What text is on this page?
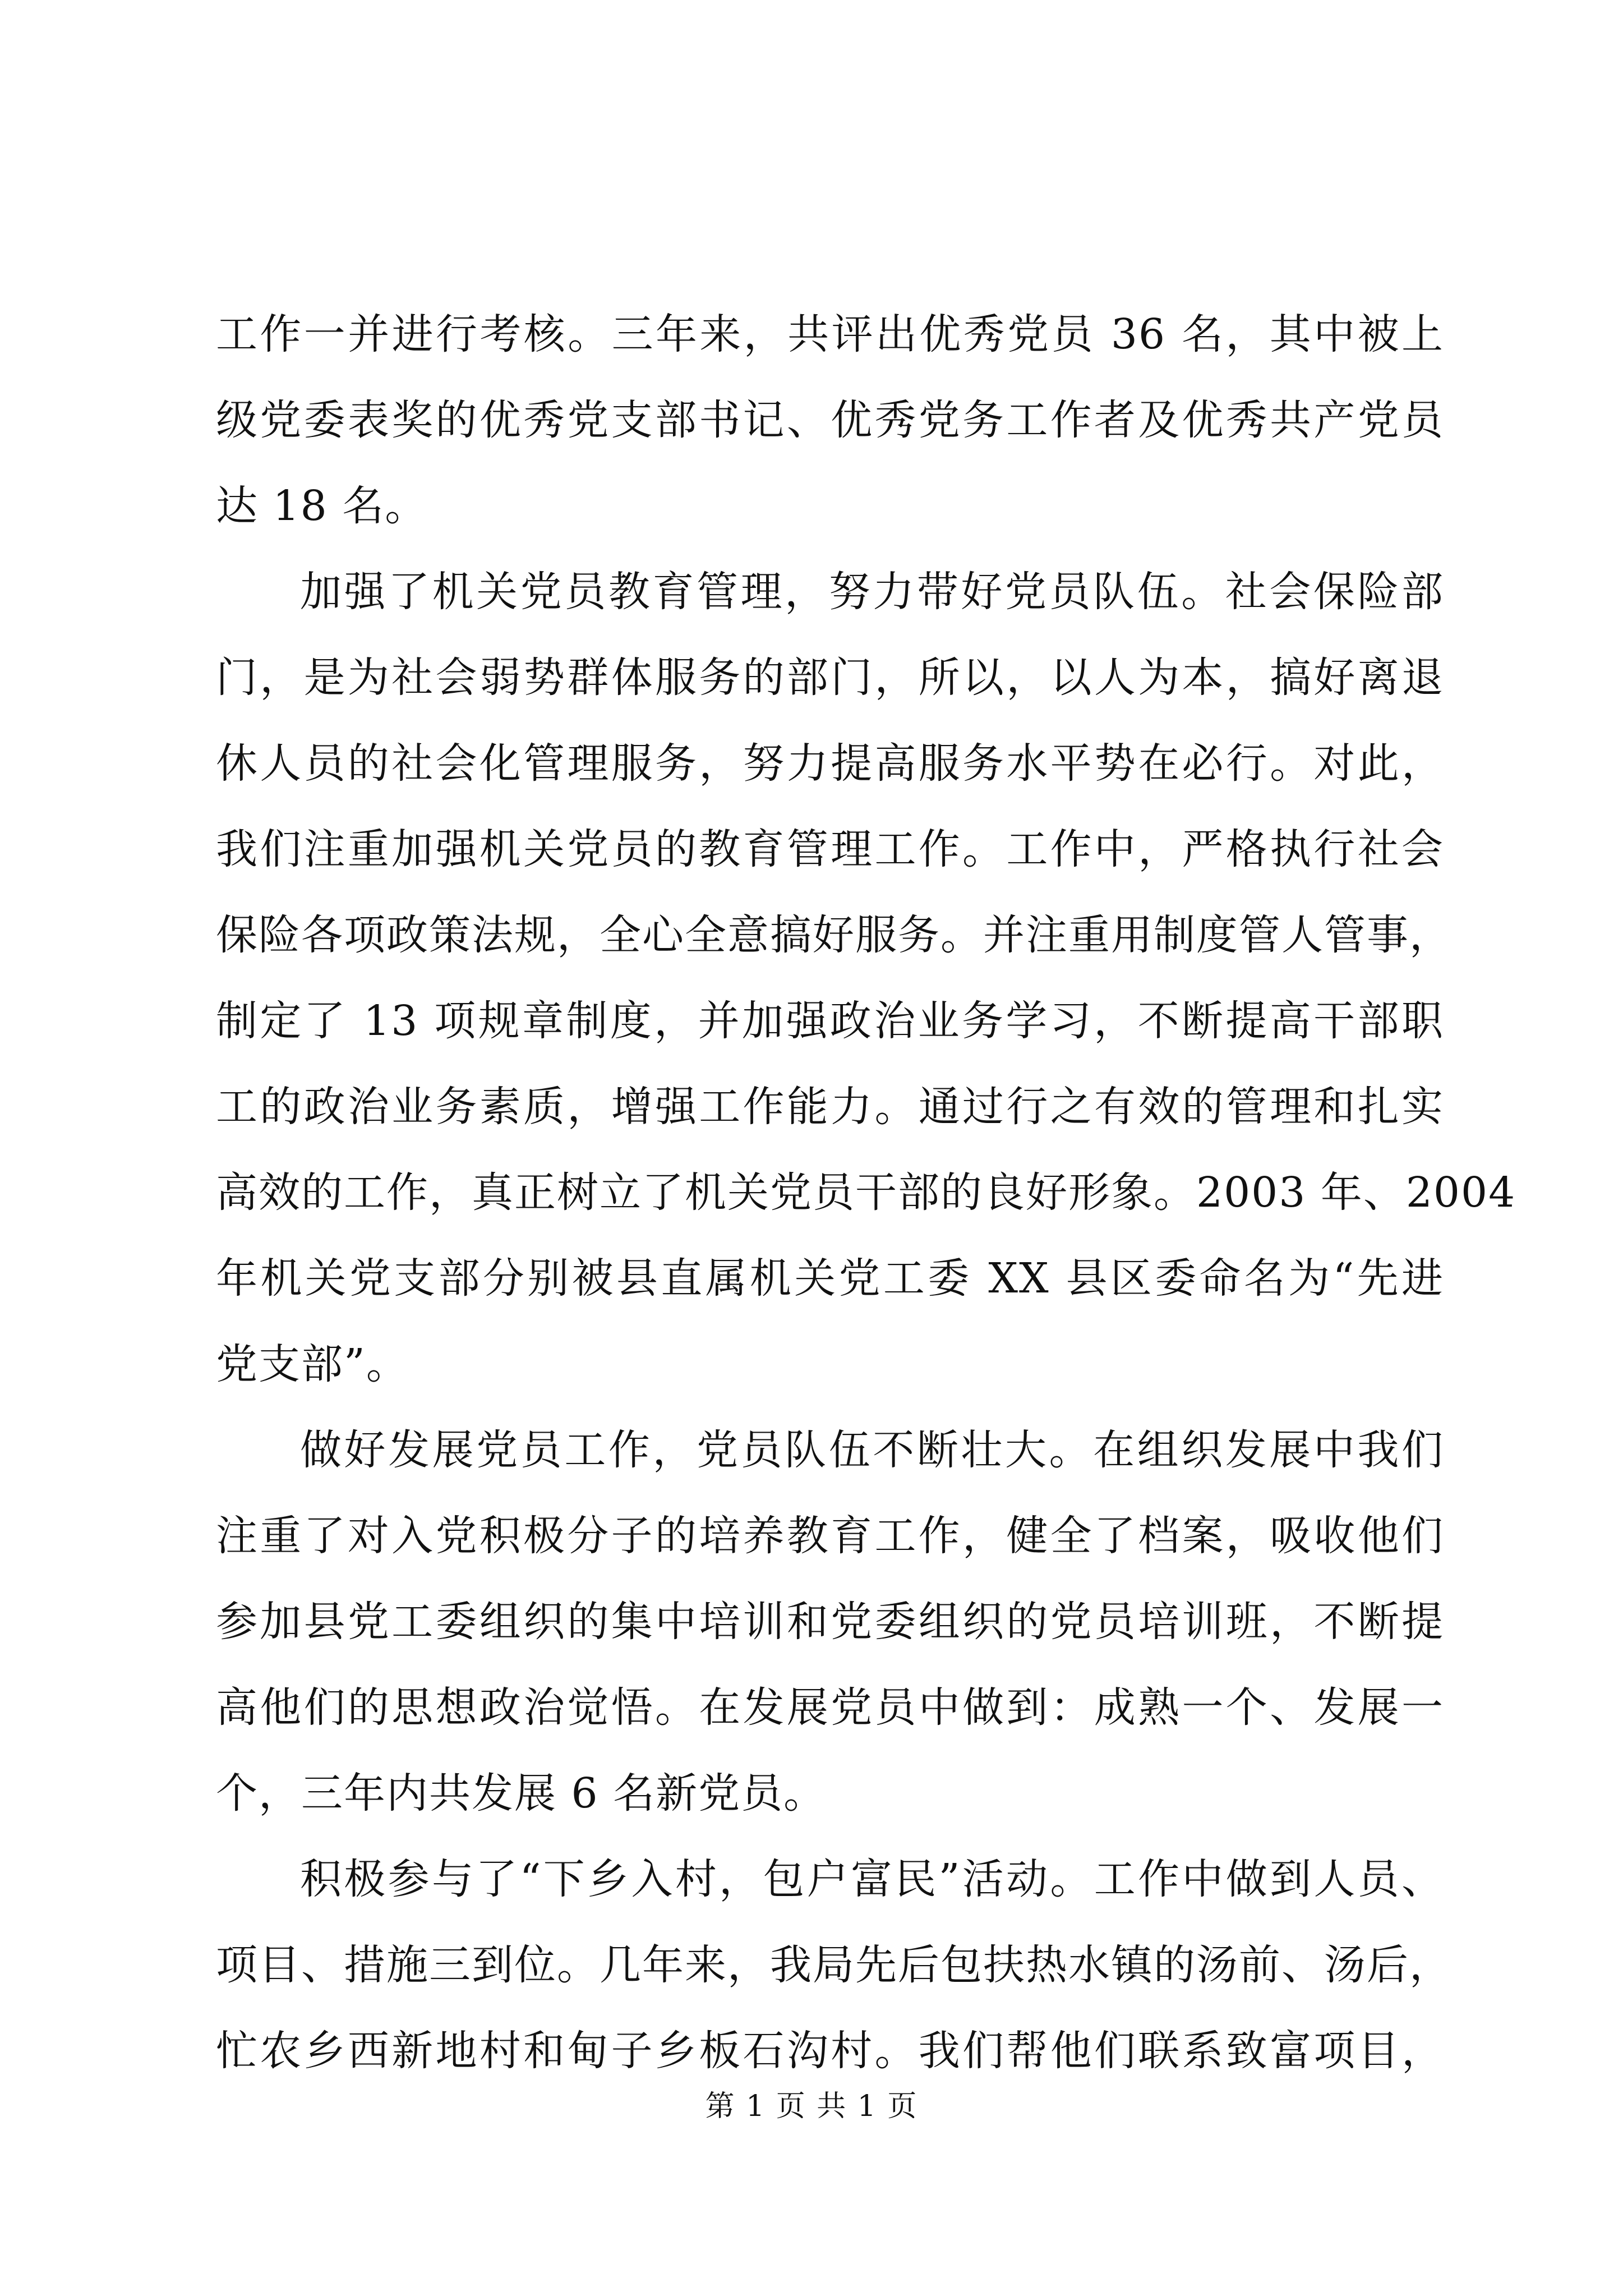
工作一并进行考核。三年来，共评出优秀党员 36 名，其中被上
级党委表奖的优秀党支部书记、优秀党务工作者及优秀共产党员
达 18 名。
加强了机关党员教育管理，努力带好党员队伍。社会保险部
门，是为社会弱势群体服务的部门，所以，以人为本，搞好离退
休人员的社会化管理服务，努力提高服务水平势在必行。对此，
我们注重加强机关党员的教育管理工作。工作中，严格执行社会
保险各项政策法规，全心全意搞好服务。并注重用制度管人管事，
制定了 13 项规章制度，并加强政治业务学习，不断提高干部职
工的政治业务素质，增强工作能力。通过行之有效的管理和扎实
高效的工作，真正树立了机关党员干部的良好形象。2003 年、2004
年机关党支部分别被县直属机关党工委 XX 县区委命名为“先进
党支部”。
做好发展党员工作，党员队伍不断壮大。在组织发展中我们
注重了对入党积极分子的培养教育工作，健全了档案，吸收他们
参加县党工委组织的集中培训和党委组织的党员培训班，不断提
高他们的思想政治觉悟。在发展党员中做到：成熟一个、发展一
个，三年内共发展 6 名新党员。
积极参与了“下乡入村，包户富民”活动。工作中做到人员、
项目、措施三到位。几年来，我局先后包扶热水镇的汤前、汤后，
忙农乡西新地村和甸子乡板石沟村。我们帮他们联系致富项目，
第 1 页 共 1 页
